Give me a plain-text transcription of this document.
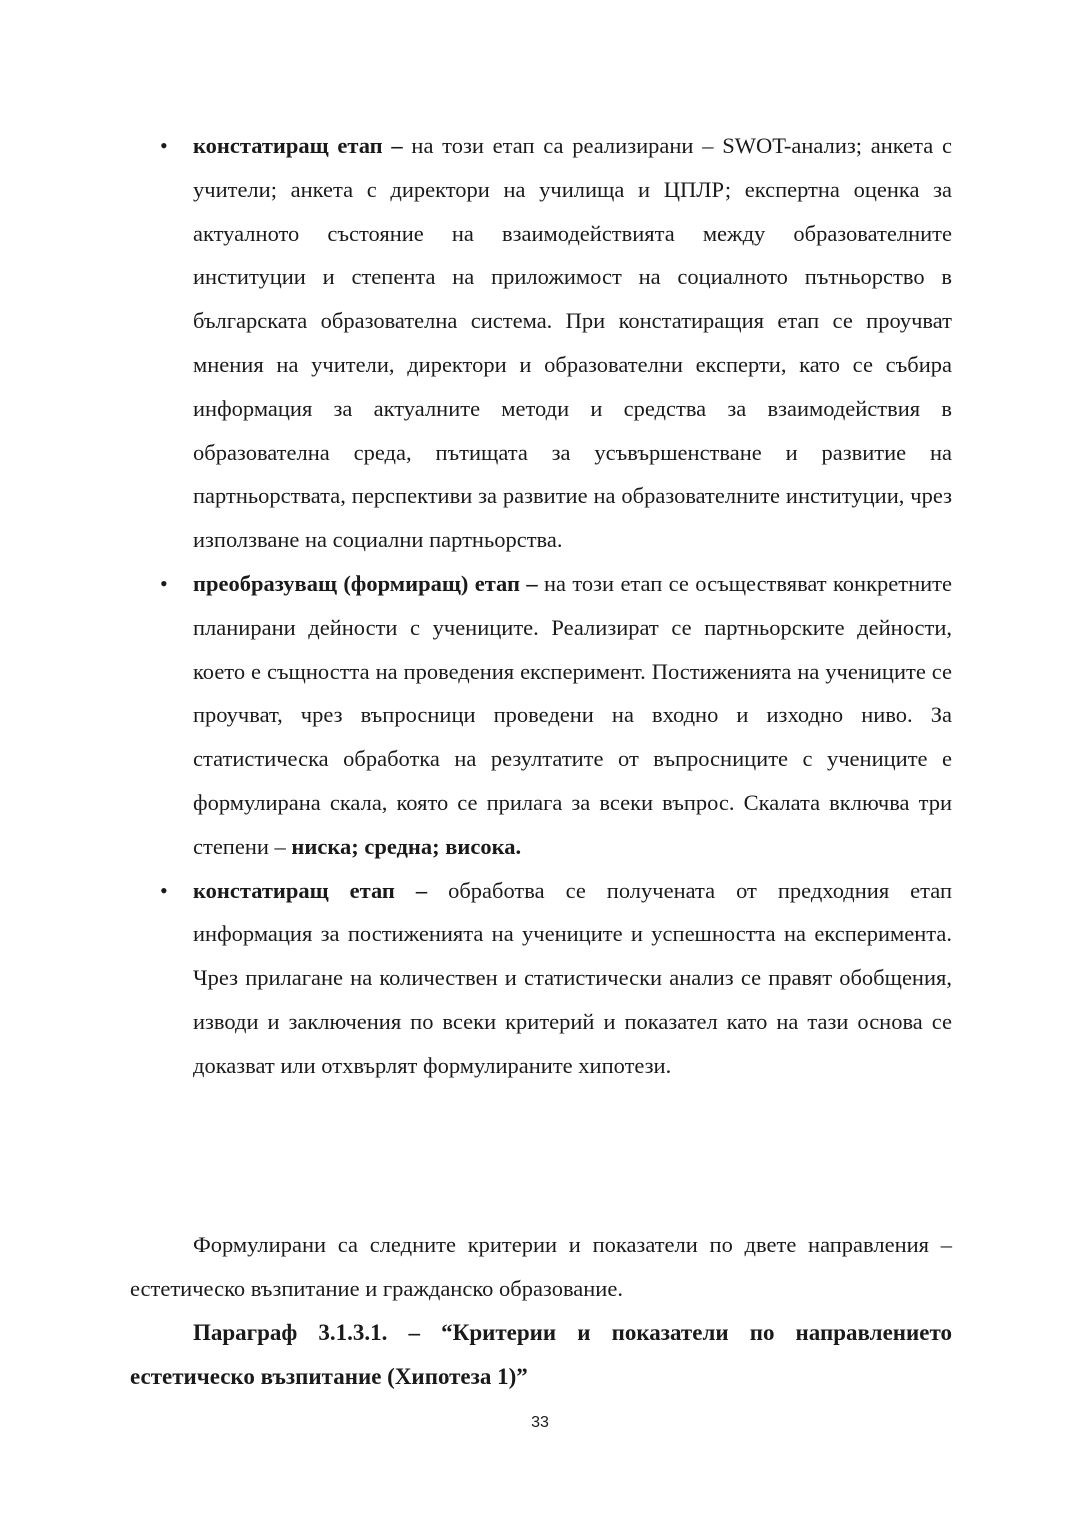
• констатиращ етап – на този етап са реализирани – SWOT-анализ; анкета с учители; анкета с директори на училища и ЦПЛР; експертна оценка за актуалното състояние на взаимодействията между образователните институции и степента на приложимост на социалното пътньорство в българската образователна система. При констатиращия етап се проучват мнения на учители, директори и образователни експерти, като се събира информация за актуалните методи и средства за взаимодействия в образователна среда, пътищата за усъвършенстване и развитие на партньорствата, перспективи за развитие на образователните институции, чрез използване на социални партньорства.
• преобразуващ (формиращ) етап – на този етап се осъществяват конкретните планирани дейности с учениците. Реализират се партньорските дейности, което е същността на проведения експеримент. Постиженията на учениците се проучват, чрез въпросници проведени на входно и изходно ниво. За статистическа обработка на резултатите от въпросниците с учениците е формулирана скала, която се прилага за всеки въпрос. Скалата включва три степени – ниска; средна; висока.
• констатиращ етап – обработва се получената от предходния етап информация за постиженията на учениците и успешността на експеримента. Чрез прилагане на количествен и статистически анализ се правят обобщения, изводи и заключения по всеки критерий и показател като на тази основа се доказват или отхвърлят формулираните хипотези.

Формулирани са следните критерии и показатели по двете направления – естетическо възпитание и гражданско образование.

Параграф 3.1.3.1. – “Критерии и показатели по направлението естетическо възпитание (Хипотеза 1)”

33
